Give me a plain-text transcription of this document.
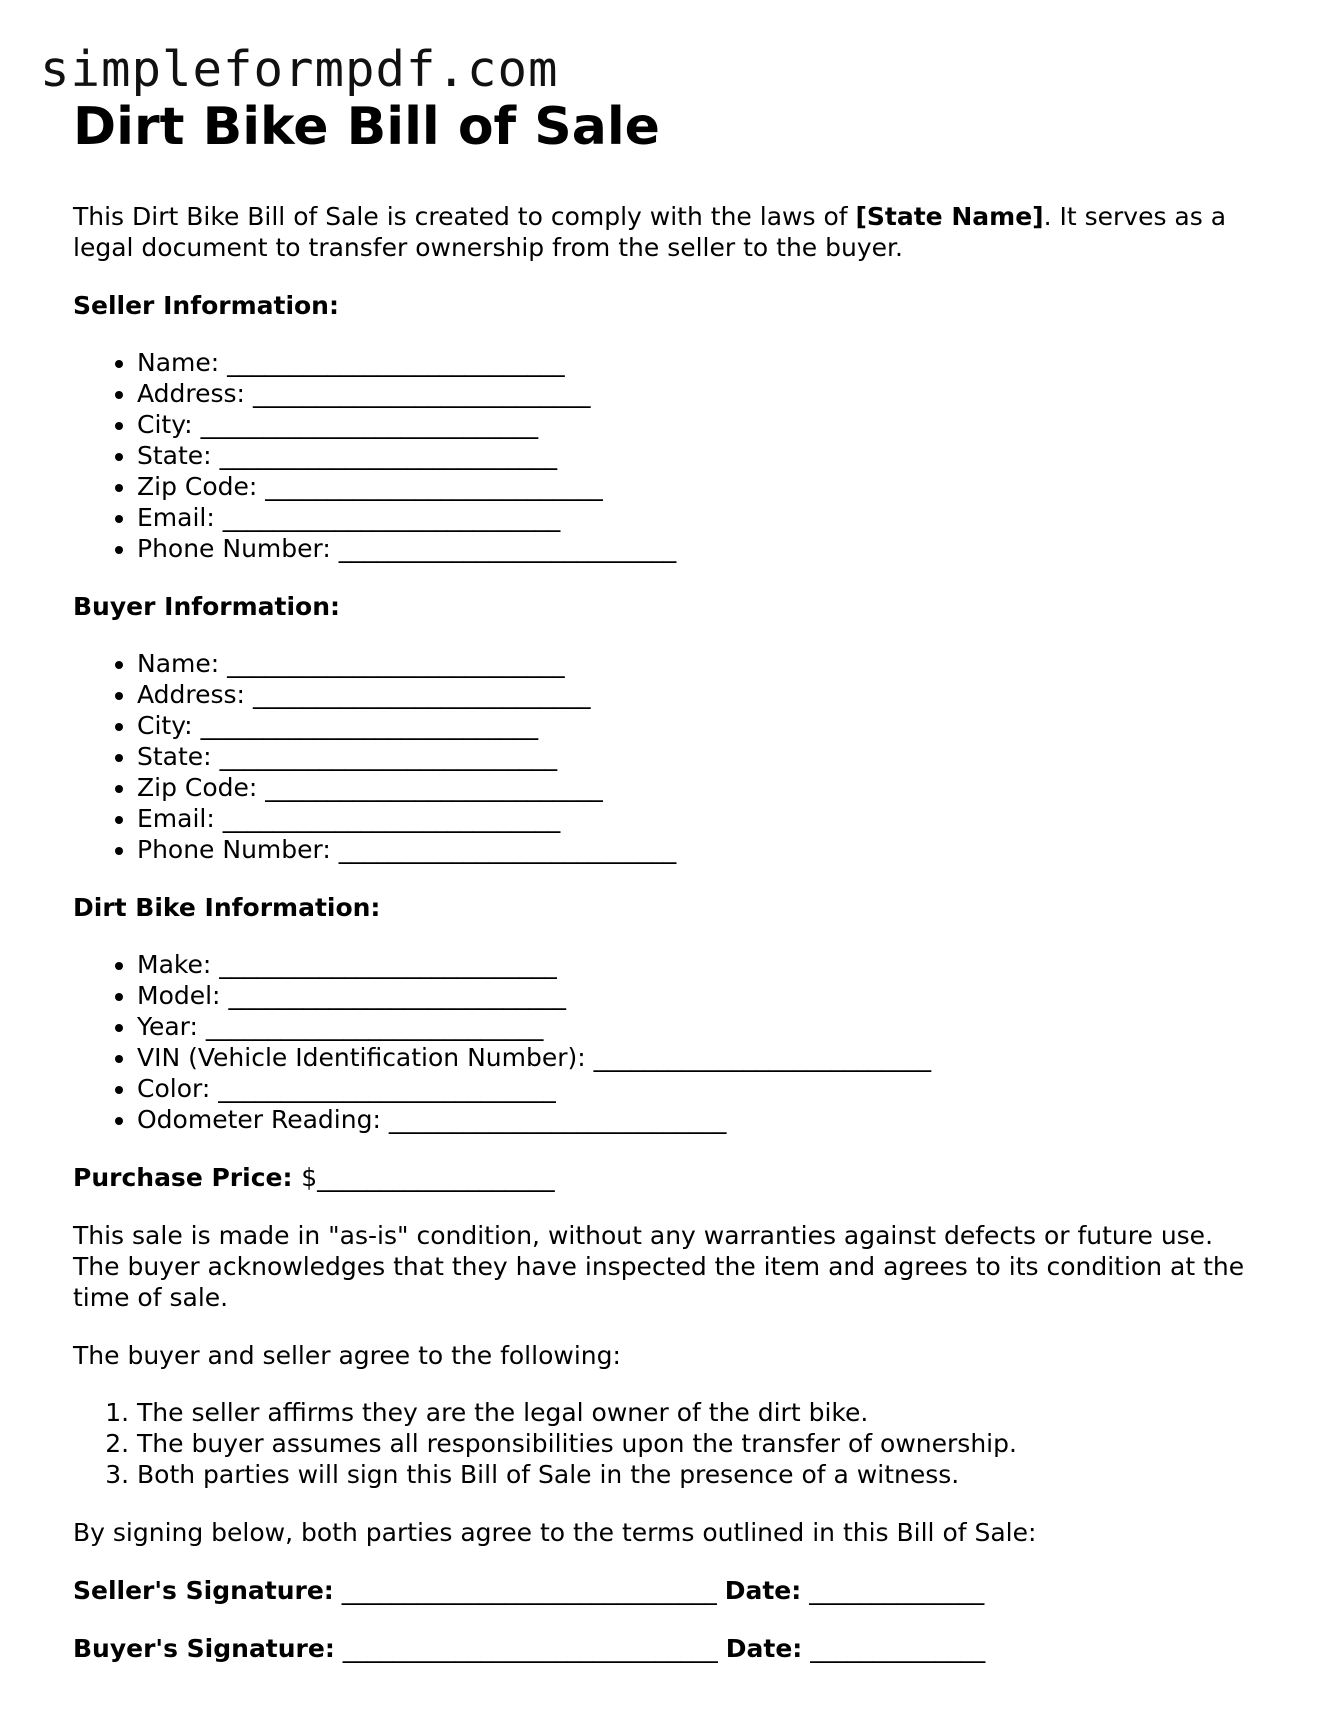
simpleformpdf.com
Dirt Bike Bill of Sale

This Dirt Bike Bill of Sale is created to comply with the laws of [State Name]. It serves as a legal document to transfer ownership from the seller to the buyer.

Seller Information:

• Name: ___________________________
• Address: ___________________________
• City: ___________________________
• State: ___________________________
• Zip Code: ___________________________
• Email: ___________________________
• Phone Number: ___________________________

Buyer Information:

• Name: ___________________________
• Address: ___________________________
• City: ___________________________
• State: ___________________________
• Zip Code: ___________________________
• Email: ___________________________
• Phone Number: ___________________________

Dirt Bike Information:

• Make: ___________________________
• Model: ___________________________
• Year: ___________________________
• VIN (Vehicle Identification Number): ___________________________
• Color: ___________________________
• Odometer Reading: ___________________________

Purchase Price: $___________________

This sale is made in "as-is" condition, without any warranties against defects or future use. The buyer acknowledges that they have inspected the item and agrees to its condition at the time of sale.

The buyer and seller agree to the following:

1. The seller affirms they are the legal owner of the dirt bike.
2. The buyer assumes all responsibilities upon the transfer of ownership.
3. Both parties will sign this Bill of Sale in the presence of a witness.

By signing below, both parties agree to the terms outlined in this Bill of Sale:

Seller's Signature: ______________________________ Date: ______________

Buyer's Signature: ______________________________ Date: ______________
